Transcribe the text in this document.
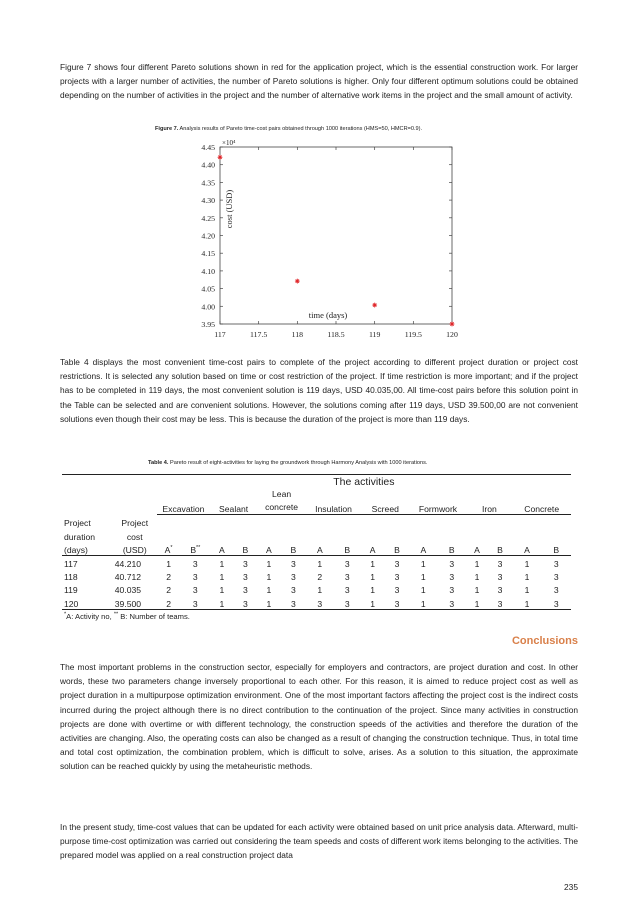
Figure 7 shows four different Pareto solutions shown in red for the application project, which is the essential construction work. For larger projects with a larger number of activities, the number of Pareto solutions is higher. Only four different optimum solutions could be obtained depending on the number of activities in the project and the number of alternative work items in the project and the small amount of activity.

Figure 7. Analysis results of Pareto time-cost pairs obtained through 1000 iterations (HMS=50, HMCR=0.9).
×10⁴
3.95
4.00
4.05
4.10
4.15
4.20
4.25
4.30
4.35
4.40
4.45
117	117.5	118	118.5	119	119.5	120
cost (USD)
time (days)

Table 4 displays the most convenient time-cost pairs to complete of the project according to different project duration or project cost restrictions. It is selected any solution based on time or cost restriction of the project. If time restriction is more important; and if the project has to be completed in 119 days, the most convenient solution is 119 days, USD 40.035,00. All time-cost pairs before this solution point in the Table can be selected and are convenient solutions. However, the solutions coming after 119 days, USD 39.500,00 are not convenient solutions even though their cost may be less. This is because the duration of the project is more than 119 days.

Table 4. Pareto result of eight-activities for laying the groundwork through Harmony Analysis with 1000 iterations.
		The activities															
		Excavation		Sealant		Lean concrete		Insulation		Screed		Formwork		Iron		Concrete	
Project	Project																
duration	cost																
(days)	(USD)	A*	B**	A	B	A	B	A	B	A	B	A	B	A	B	A	B
117	44.210	1	3	1	3	1	3	1	3	1	3	1	3	1	3	1	3
118	40.712	2	3	1	3	1	3	2	3	1	3	1	3	1	3	1	3
119	40.035	2	3	1	3	1	3	1	3	1	3	1	3	1	3	1	3
120	39.500	2	3	1	3	1	3	3	3	1	3	1	3	1	3	1	3
*A: Activity no, ** B: Number of teams.
Conclusions

The most important problems in the construction sector, especially for employers and contractors, are project duration and cost. In other words, these two parameters change inversely proportional to each other. For this reason, it is aimed to reduce project cost as well as project duration in a multipurpose optimization environment. One of the most important factors affecting the project cost is the indirect costs incurred during the project although there is no direct contribution to the continuation of the project. Since many activities in construction projects are done with overtime or with different technology, the construction speeds of the activities and therefore the duration of the activities are changing. Also, the operating costs can also be changed as a result of changing the construction technique. Thus, in total time and total cost optimization, the combination problem, which is difficult to solve, arises. As a solution to this situation, the approximate solution can be reached quickly by using the metaheuristic methods.

In the present study, time-cost values that can be updated for each activity were obtained based on unit price analysis data. Afterward, multi-purpose time-cost optimization was carried out considering the team speeds and costs of different work items belonging to the activities. The prepared model was applied on a real construction project data

235
